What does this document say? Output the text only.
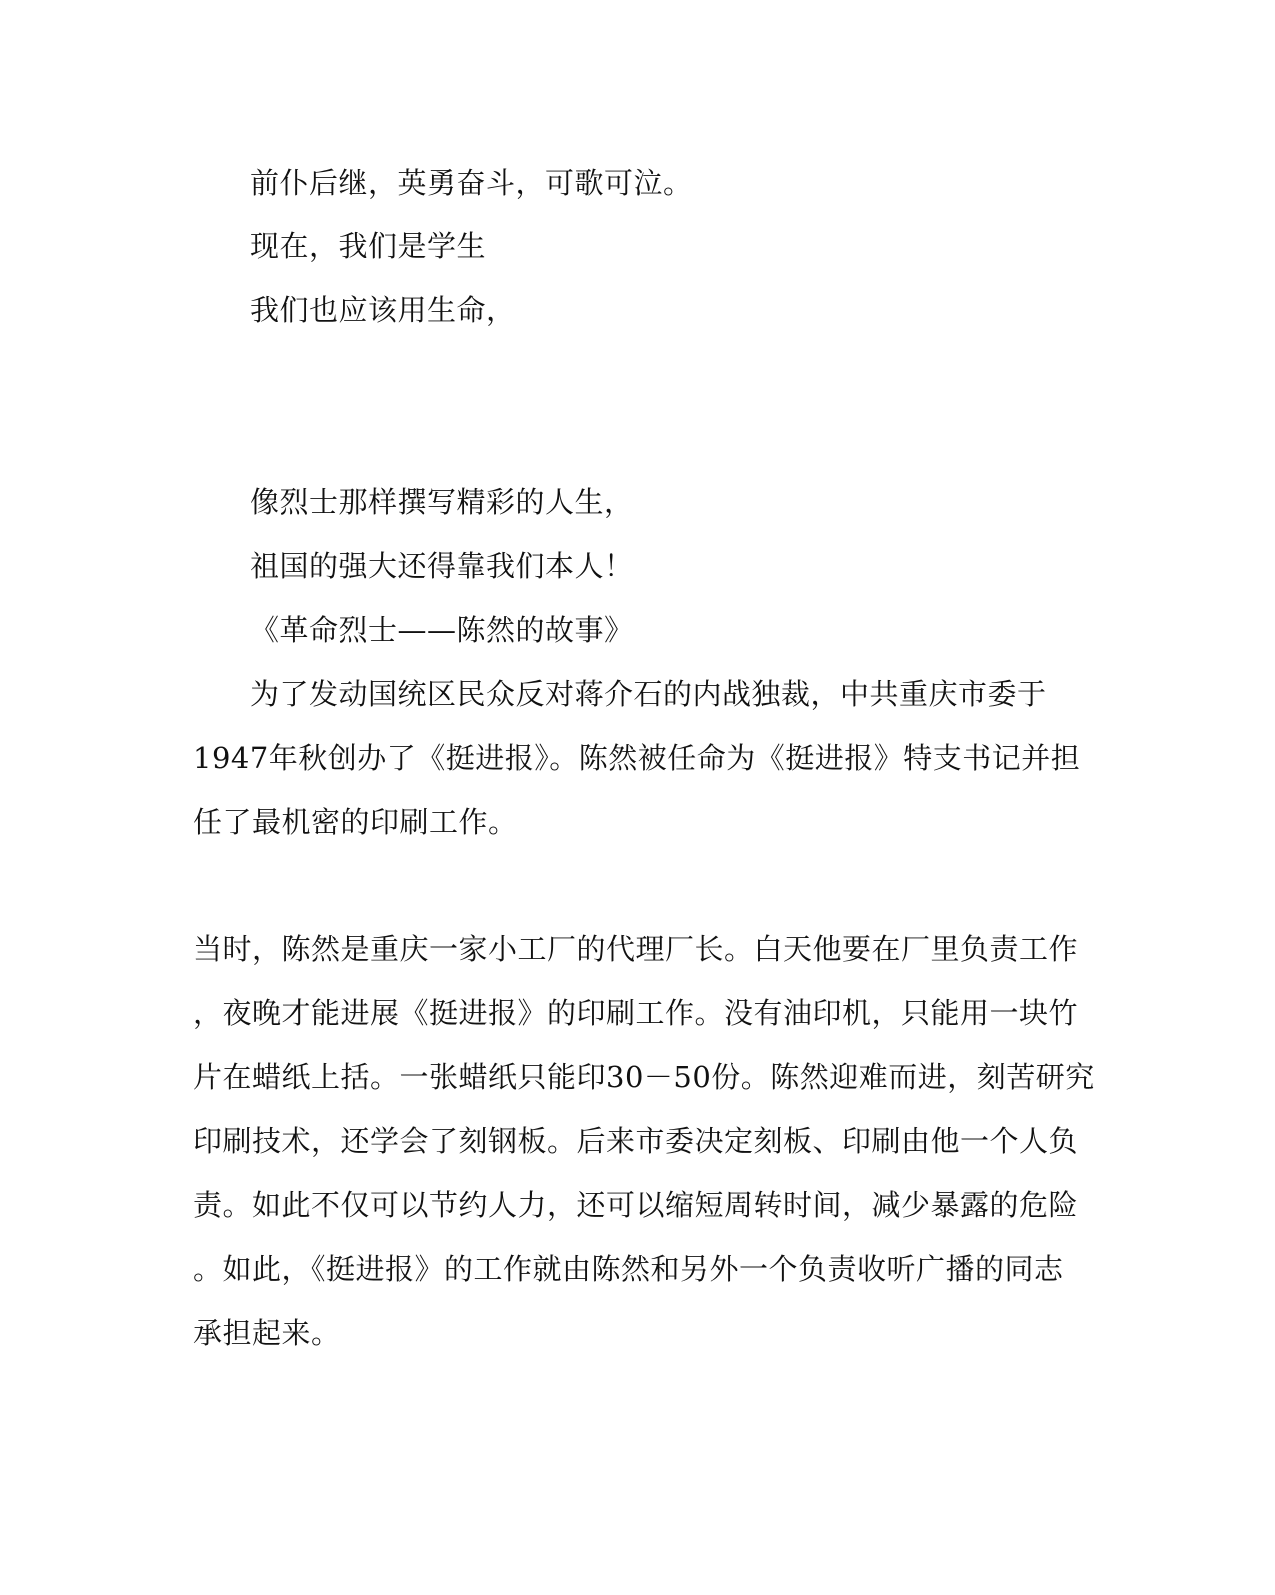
前仆后继，英勇奋斗，可歌可泣。
现在，我们是学生
我们也应该用生命，
像烈士那样撰写精彩的人生，
祖国的强大还得靠我们本人！
《革命烈士——陈然的故事》
为了发动国统区民众反对蒋介石的内战独裁，中共重庆市委于
1947年秋创办了《挺进报》。陈然被任命为《挺进报》特支书记并担
任了最机密的印刷工作。
当时，陈然是重庆一家小工厂的代理厂长。白天他要在厂里负责工作
，夜晚才能进展《挺进报》的印刷工作。没有油印机，只能用一块竹
片在蜡纸上括。一张蜡纸只能印30－50份。陈然迎难而进，刻苦研究
印刷技术，还学会了刻钢板。后来市委决定刻板、印刷由他一个人负
责。如此不仅可以节约人力，还可以缩短周转时间，减少暴露的危险
。如此，《挺进报》的工作就由陈然和另外一个负责收听广播的同志
承担起来。
